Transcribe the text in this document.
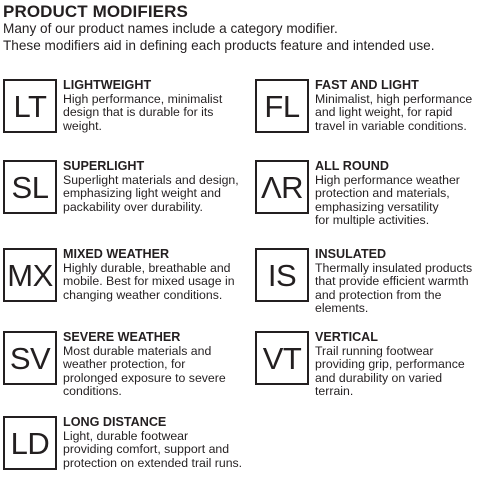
PRODUCT MODIFIERS
Many of our product names include a category modifier.
These modifiers aid in defining each products feature and intended use.
LT
LIGHTWEIGHT
High performance, minimalist
design that is durable for its
weight.
FL
FAST AND LIGHT
Minimalist, high performance
and light weight, for rapid
travel in variable conditions.
SL
SUPERLIGHT
Superlight materials and design,
emphasizing light weight and
packability over durability.
ΛR
ALL ROUND
High performance weather
protection and materials,
emphasizing versatility
for multiple activities.
MX
MIXED WEATHER
Highly durable, breathable and
mobile. Best for mixed usage in
changing weather conditions.
IS
INSULATED
Thermally insulated products
that provide efficient warmth
and protection from the
elements.
SV
SEVERE WEATHER
Most durable materials and
weather protection, for
prolonged exposure to severe
conditions.
VT
VERTICAL
Trail running footwear
providing grip, performance
and durability on varied
terrain.
LD
LONG DISTANCE
Light, durable footwear
providing comfort, support and
protection on extended trail runs.
